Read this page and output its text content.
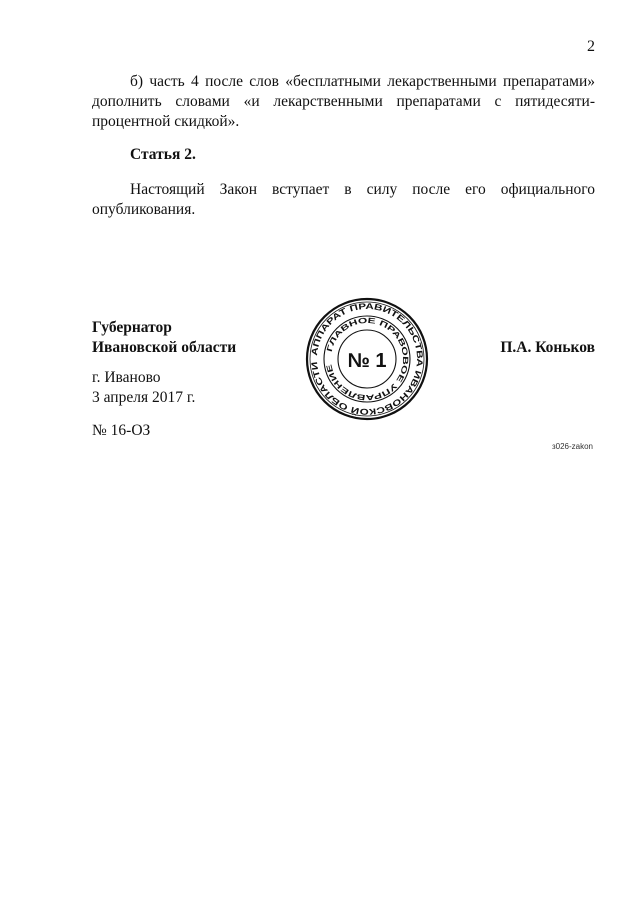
2
б) часть 4 после слов «бесплатными лекарственными препаратами» дополнить словами «и лекарственными препаратами с пятидесяти-процентной скидкой».
Статья 2.
Настоящий Закон вступает в силу после его официального опубликования.
Губернатор
Ивановской области	П.А. Коньков
г. Иваново
3 апреля 2017 г.
№ 16-ОЗ
з026-zakon
АППАРАТ ПРАВИТЕЛЬСТВА ИВАНОВСКОЙ ОБЛАСТИ
ГЛАВНОЕ ПРАВОВОЕ УПРАВЛЕНИЕ № 1
